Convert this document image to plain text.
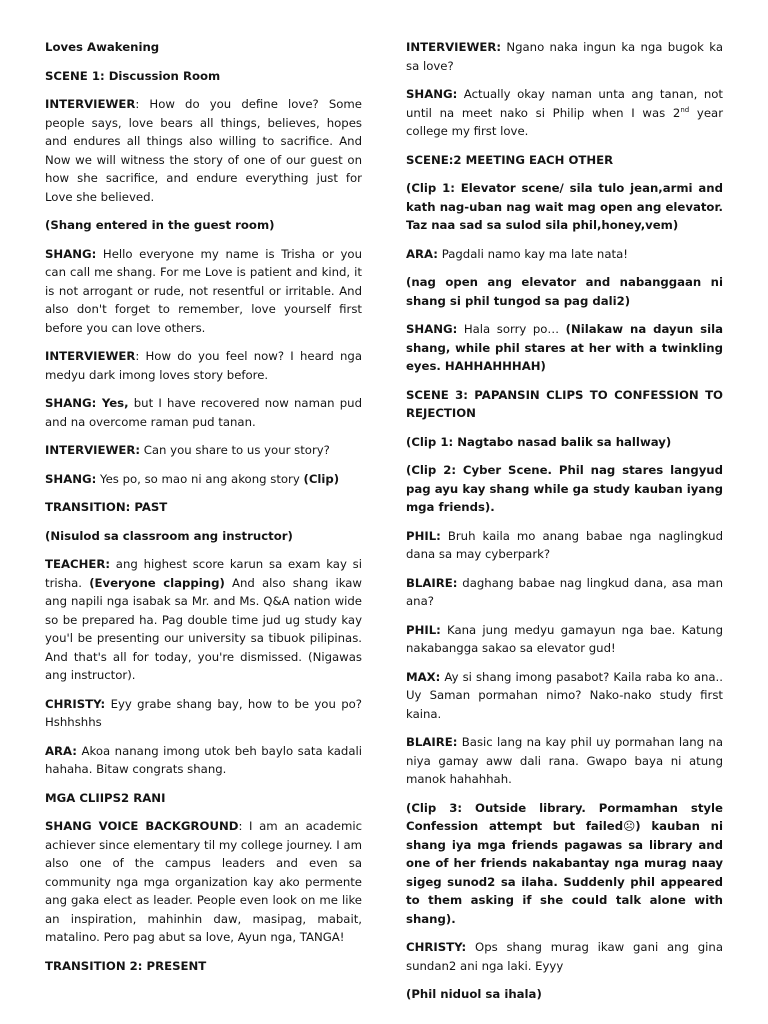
Loves Awakening

SCENE 1: Discussion Room

INTERVIEWER: How do you define love? Some people says, love bears all things, believes, hopes and endures all things also willing to sacrifice. And Now we will witness the story of one of our guest on how she sacrifice, and endure everything just for Love she believed.

(Shang entered in the guest room)

SHANG: Hello everyone my name is Trisha or you can call me shang. For me Love is patient and kind, it is not arrogant or rude, not resentful or irritable. And also don't forget to remember, love yourself first before you can love others.

INTERVIEWER: How do you feel now? I heard nga medyu dark imong loves story before.

SHANG: Yes, but I have recovered now naman pud and na overcome raman pud tanan.

INTERVIEWER: Can you share to us your story?

SHANG: Yes po, so mao ni ang akong story (Clip)

TRANSITION: PAST

(Nisulod sa classroom ang instructor)

TEACHER: ang highest score karun sa exam kay si trisha. (Everyone clapping) And also shang ikaw ang napili nga isabak sa Mr. and Ms. Q&A nation wide so be prepared ha. Pag double time jud ug study kay you'l be presenting our university sa tibuok pilipinas. And that's all for today, you're dismissed. (Nigawas ang instructor).

CHRISTY: Eyy grabe shang bay, how to be you po? Hshhshhs

ARA: Akoa nanang imong utok beh baylo sata kadali hahaha. Bitaw congrats shang.

MGA CLIIPS2 RANI

SHANG VOICE BACKGROUND: I am an academic achiever since elementary til my college journey. I am also one of the campus leaders and even sa community nga mga organization kay ako permente ang gaka elect as leader. People even look on me like an inspiration, mahinhin daw, masipag, mabait, matalino. Pero pag abut sa love, Ayun nga, TANGA!

TRANSITION 2: PRESENT

INTERVIEWER: Ngano naka ingun ka nga bugok ka sa love?

SHANG: Actually okay naman unta ang tanan, not until na meet nako si Philip when I was 2nd year college my first love.

SCENE:2 MEETING EACH OTHER

(Clip 1: Elevator scene/ sila tulo jean,armi and kath nag-uban nag wait mag open ang elevator. Taz naa sad sa sulod sila phil,honey,vem)

ARA: Pagdali namo kay ma late nata!

(nag open ang elevator and nabanggaan ni shang si phil tungod sa pag dali2)

SHANG: Hala sorry po… (Nilakaw na dayun sila shang, while phil stares at her with a twinkling eyes. HAHHAHHHAH)

SCENE 3: PAPANSIN CLIPS TO CONFESSION TO REJECTION

(Clip 1: Nagtabo nasad balik sa hallway)

(Clip 2: Cyber Scene. Phil nag stares langyud pag ayu kay shang while ga study kauban iyang mga friends).

PHIL: Bruh kaila mo anang babae nga naglingkud dana sa may cyberpark?

BLAIRE: daghang babae nag lingkud dana, asa man ana?

PHIL: Kana jung medyu gamayun nga bae. Katung nakabangga sakao sa elevator gud!

MAX: Ay si shang imong pasabot? Kaila raba ko ana.. Uy Saman pormahan nimo? Nako-nako study first kaina.

BLAIRE: Basic lang na kay phil uy pormahan lang na niya gamay aww dali rana. Gwapo baya ni atung manok hahahhah.

(Clip 3: Outside library. Pormamhan style Confession attempt but failed☹) kauban ni shang iya mga friends pagawas sa library and one of her friends nakabantay nga murag naay sigeg sunod2 sa ilaha. Suddenly phil appeared to them asking if she could talk alone with shang).

CHRISTY: Ops shang murag ikaw gani ang gina sundan2 ani nga laki. Eyyy

(Phil niduol sa ihala)
